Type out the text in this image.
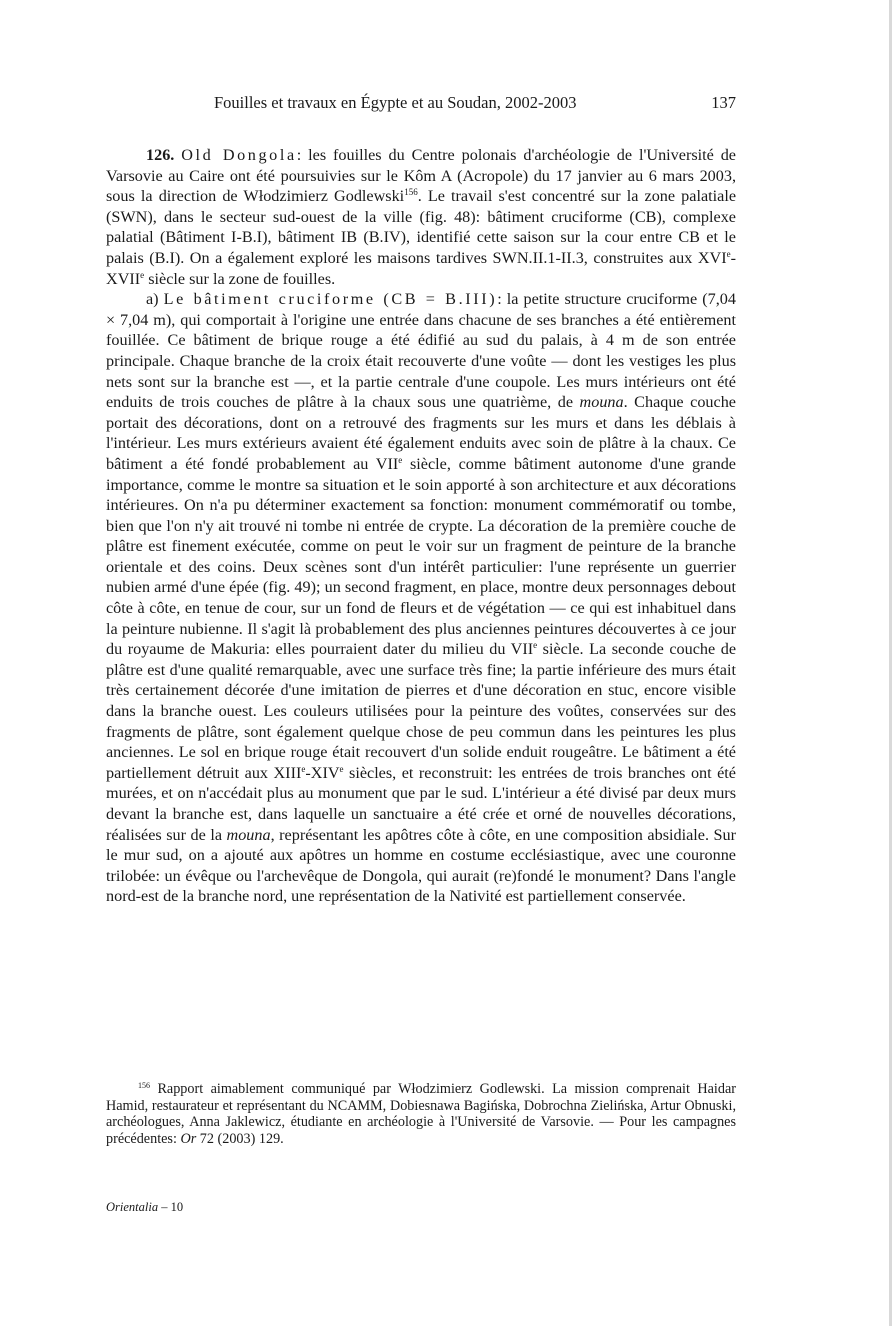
Fouilles et travaux en Égypte et au Soudan, 2002-2003	137

126. Old Dongola: les fouilles du Centre polonais d'archéologie de l'Université de Varsovie au Caire ont été poursuivies sur le Kôm A (Acropole) du 17 janvier au 6 mars 2003, sous la direction de Włodzimierz Godlewski$^{156}$. Le travail s'est concentré sur la zone palatiale (SWN), dans le secteur sud-ouest de la ville (fig. 48): bâtiment cruciforme (CB), complexe palatial (Bâtiment I-B.I), bâtiment IB (B.IV), identifié cette saison sur la cour entre CB et le palais (B.I). On a également exploré les maisons tardives SWN.II.1-II.3, construites aux XVIe-XVIIe siècle sur la zone de fouilles.

a) Le bâtiment cruciforme (CB = B.III): la petite structure cruciforme (7,04 × 7,04 m), qui comportait à l'origine une entrée dans chacune de ses branches a été entièrement fouillée. Ce bâtiment de brique rouge a été édifié au sud du palais, à 4 m de son entrée principale. Chaque branche de la croix était recouverte d'une voûte — dont les vestiges les plus nets sont sur la branche est —, et la partie centrale d'une coupole. Les murs intérieurs ont été enduits de trois couches de plâtre à la chaux sous une quatrième, de mouna. Chaque couche portait des décorations, dont on a retrouvé des fragments sur les murs et dans les déblais à l'intérieur. Les murs extérieurs avaient été également enduits avec soin de plâtre à la chaux. Ce bâtiment a été fondé probablement au VIIe siècle, comme bâtiment autonome d'une grande importance, comme le montre sa situation et le soin apporté à son architecture et aux décorations intérieures. On n'a pu déterminer exactement sa fonction: monument commémoratif ou tombe, bien que l'on n'y ait trouvé ni tombe ni entrée de crypte. La décoration de la première couche de plâtre est finement exécutée, comme on peut le voir sur un fragment de peinture de la branche orientale et des coins. Deux scènes sont d'un intérêt particulier: l'une représente un guerrier nubien armé d'une épée (fig. 49); un second fragment, en place, montre deux personnages debout côte à côte, en tenue de cour, sur un fond de fleurs et de végétation — ce qui est inhabituel dans la peinture nubienne. Il s'agit là probablement des plus anciennes peintures découvertes à ce jour du royaume de Makuria: elles pourraient dater du milieu du VIIe siècle. La seconde couche de plâtre est d'une qualité remarquable, avec une surface très fine; la partie inférieure des murs était très certainement décorée d'une imitation de pierres et d'une décoration en stuc, encore visible dans la branche ouest. Les couleurs utilisées pour la peinture des voûtes, conservées sur des fragments de plâtre, sont également quelque chose de peu commun dans les peintures les plus anciennes. Le sol en brique rouge était recouvert d'un solide enduit rougeâtre. Le bâtiment a été partiellement détruit aux XIIIe-XIVe siècles, et reconstruit: les entrées de trois branches ont été murées, et on n'accédait plus au monument que par le sud. L'intérieur a été divisé par deux murs devant la branche est, dans laquelle un sanctuaire a été crée et orné de nouvelles décorations, réalisées sur de la mouna, représentant les apôtres côte à côte, en une composition absidiale. Sur le mur sud, on a ajouté aux apôtres un homme en costume ecclésiastique, avec une couronne trilobée: un évêque ou l'archevêque de Dongola, qui aurait (re)fondé le monument? Dans l'angle nord-est de la branche nord, une représentation de la Nativité est partiellement conservée.

$^{156}$ Rapport aimablement communiqué par Włodzimierz Godlewski. La mission comprenait Haidar Hamid, restaurateur et représentant du NCAMM, Dobiesnawa Bagińska, Dobrochna Zielińska, Artur Obnuski, archéologues, Anna Jaklewicz, étudiante en archéologie à l'Université de Varsovie. — Pour les campagnes précédentes: Or 72 (2003) 129.
Orientalia – 10
